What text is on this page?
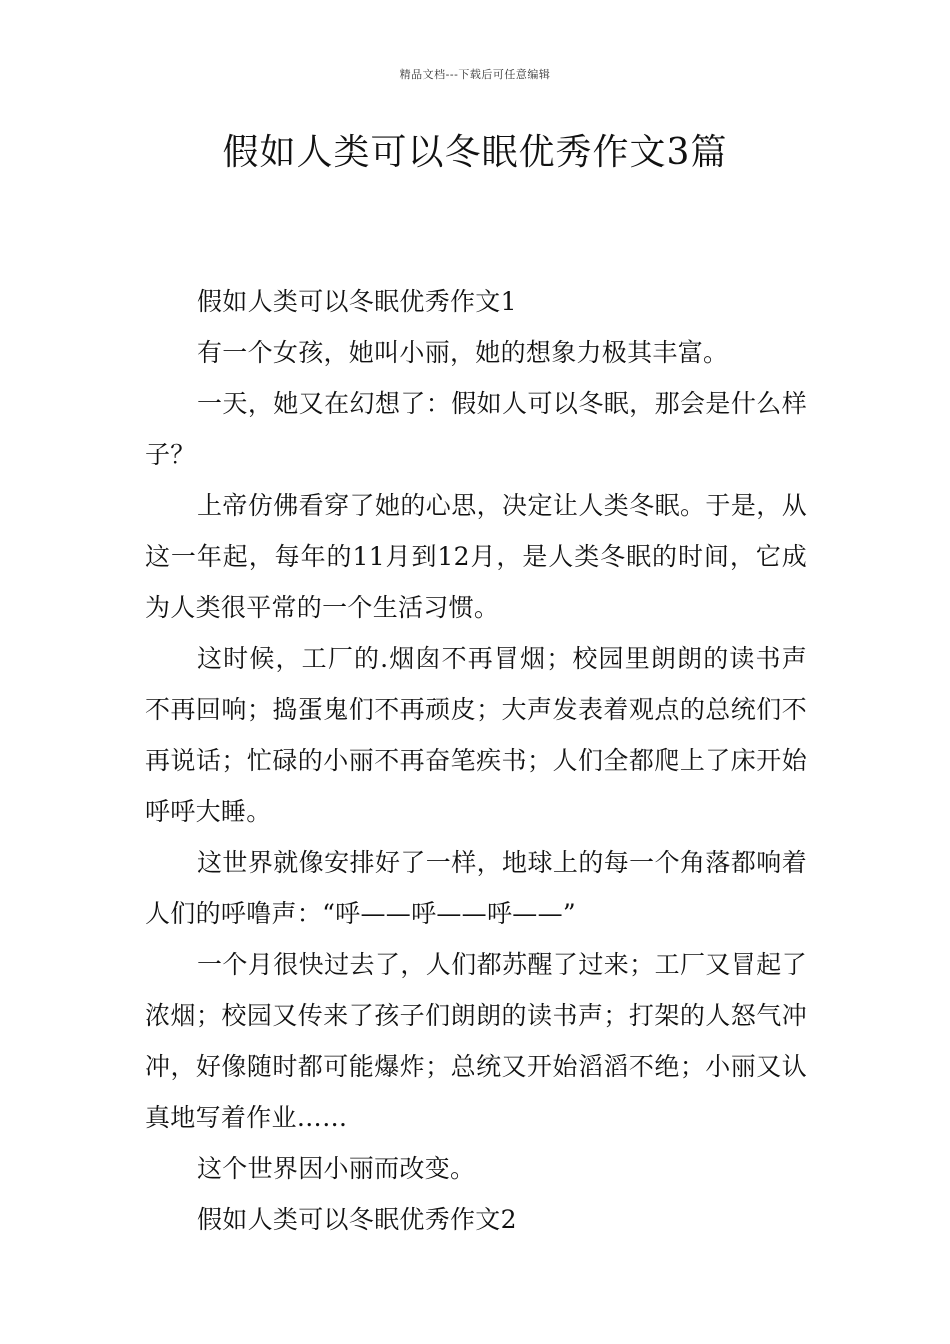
精品文档---下载后可任意编辑
假如人类可以冬眠优秀作文3篇

假如人类可以冬眠优秀作文1

有一个女孩，她叫小丽，她的想象力极其丰富。

一天，她又在幻想了：假如人可以冬眠，那会是什么样子？

上帝仿佛看穿了她的心思，决定让人类冬眠。于是，从这一年起，每年的11月到12月，是人类冬眠的时间，它成为人类很平常的一个生活习惯。

这时候，工厂的.烟囱不再冒烟；校园里朗朗的读书声不再回响；捣蛋鬼们不再顽皮；大声发表着观点的总统们不再说话；忙碌的小丽不再奋笔疾书；人们全都爬上了床开始呼呼大睡。

这世界就像安排好了一样，地球上的每一个角落都响着人们的呼噜声：“呼——呼——呼——”

一个月很快过去了，人们都苏醒了过来；工厂又冒起了浓烟；校园又传来了孩子们朗朗的读书声；打架的人怒气冲冲，好像随时都可能爆炸；总统又开始滔滔不绝；小丽又认真地写着作业……

这个世界因小丽而改变。

假如人类可以冬眠优秀作文2
